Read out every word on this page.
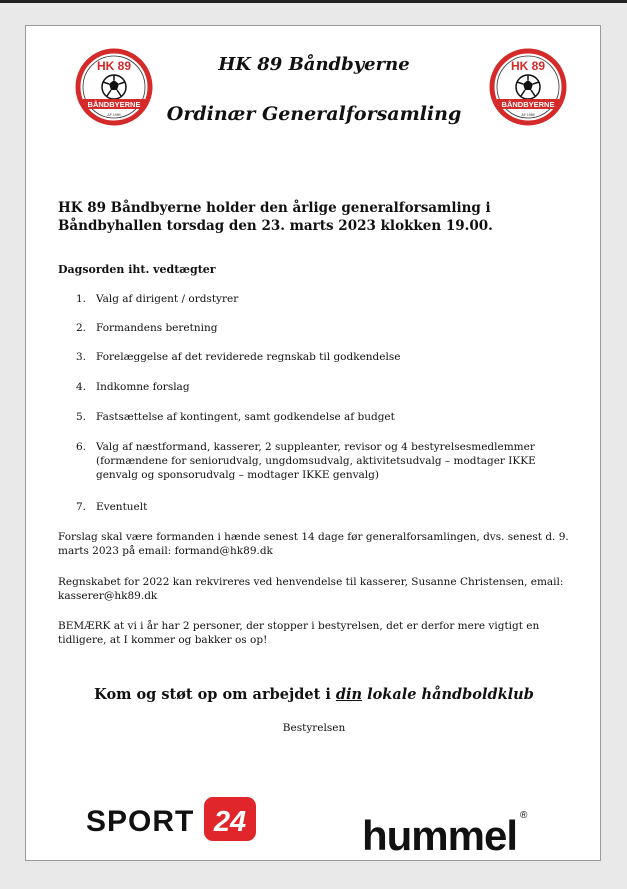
HK 89
BÅNDBYERNE
AF 1989
HK 89
BÅNDBYERNE
AF 1989
HK 89 Båndbyerne
Ordinær Generalforsamling
HK 89 Båndbyerne holder den årlige generalforsamling i Båndbyhallen torsdag den 23. marts 2023 klokken 19.00.
Dagsorden iht. vedtægter
1. Valg af dirigent / ordstyrer
2. Formandens beretning
3. Forelæggelse af det reviderede regnskab til godkendelse
4. Indkomne forslag
5. Fastsættelse af kontingent, samt godkendelse af budget
6. Valg af næstformand, kasserer, 2 suppleanter, revisor og 4 bestyrelsesmedlemmer (formændene for seniorudvalg, ungdomsudvalg, aktivitetsudvalg – modtager IKKE genvalg og sponsorudvalg – modtager IKKE genvalg)
7. Eventuelt
Forslag skal være formanden i hænde senest 14 dage før generalforsamlingen, dvs. senest d. 9. marts 2023 på email: formand@hk89.dk
Regnskabet for 2022 kan rekvireres ved henvendelse til kasserer, Susanne Christensen, email: kasserer@hk89.dk
BEMÆRK at vi i år har 2 personer, der stopper i bestyrelsen, det er derfor mere vigtigt en tidligere, at I kommer og bakker os op!
Kom og støt op om arbejdet i din lokale håndboldklub
Bestyrelsen
SPORT 24	hummel ®
